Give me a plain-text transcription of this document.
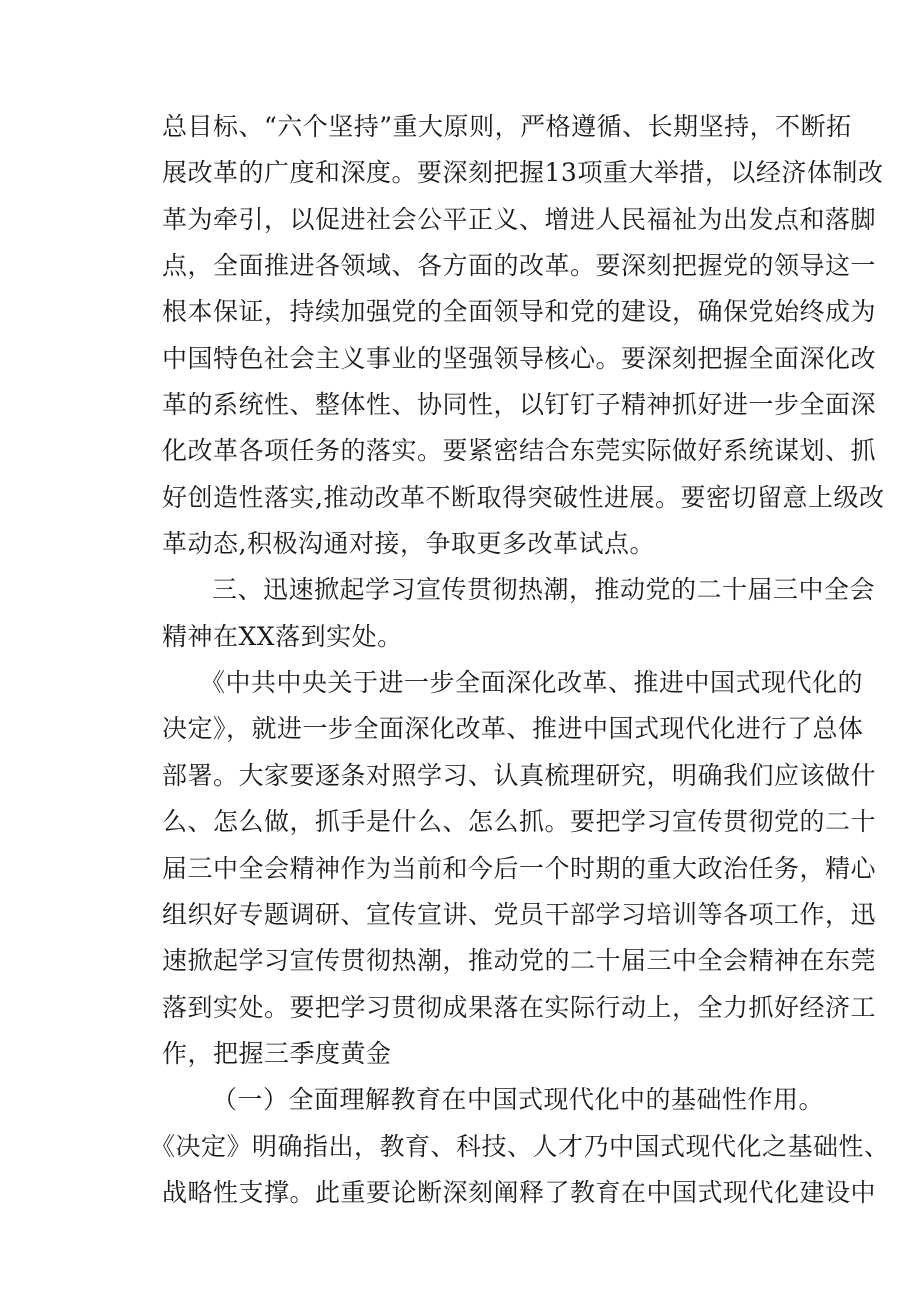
总目标、“六个坚持”重大原则，严格遵循、长期坚持，不断拓
展改革的广度和深度。要深刻把握13项重大举措，以经济体制改
革为牵引，以促进社会公平正义、增进人民福祉为出发点和落脚
点，全面推进各领域、各方面的改革。要深刻把握党的领导这一
根本保证，持续加强党的全面领导和党的建设，确保党始终成为
中国特色社会主义事业的坚强领导核心。要深刻把握全面深化改
革的系统性、整体性、协同性，以钉钉子精神抓好进一步全面深
化改革各项任务的落实。要紧密结合东莞实际做好系统谋划、抓
好创造性落实,推动改革不断取得突破性进展。要密切留意上级改
革动态,积极沟通对接，争取更多改革试点。
三、迅速掀起学习宣传贯彻热潮，推动党的二十届三中全会
精神在XX落到实处。
《中共中央关于进一步全面深化改革、推进中国式现代化的
决定》，就进一步全面深化改革、推进中国式现代化进行了总体
部署。大家要逐条对照学习、认真梳理研究，明确我们应该做什
么、怎么做，抓手是什么、怎么抓。要把学习宣传贯彻党的二十
届三中全会精神作为当前和今后一个时期的重大政治任务，精心
组织好专题调研、宣传宣讲、党员干部学习培训等各项工作，迅
速掀起学习宣传贯彻热潮，推动党的二十届三中全会精神在东莞
落到实处。要把学习贯彻成果落在实际行动上，全力抓好经济工
作，把握三季度黄金
（一）全面理解教育在中国式现代化中的基础性作用。
《决定》明确指出，教育、科技、人才乃中国式现代化之基础性、
战略性支撑。此重要论断深刻阐释了教育在中国式现代化建设中
